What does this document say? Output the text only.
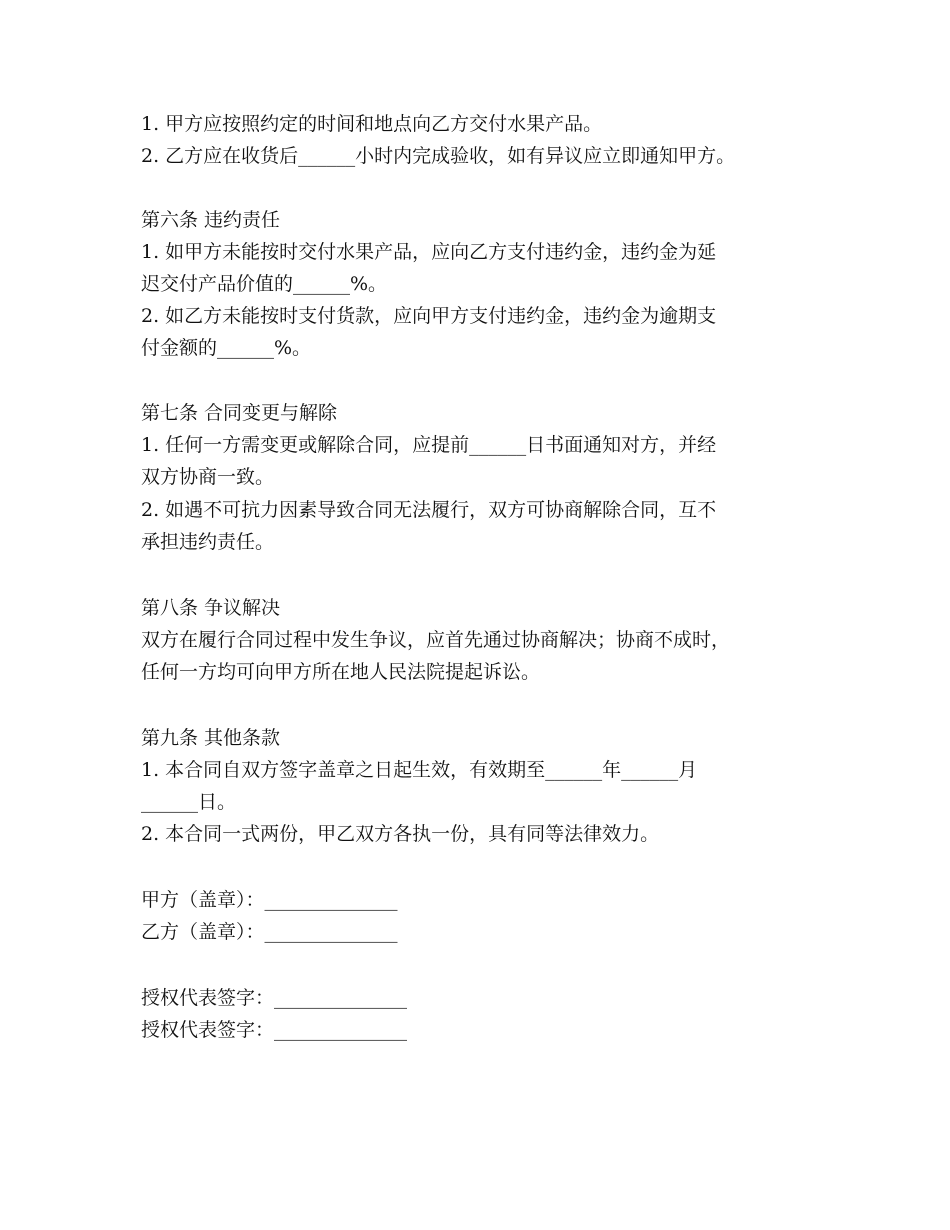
1. 甲方应按照约定的时间和地点向乙方交付水果产品。
2. 乙方应在收货后______小时内完成验收，如有异议应立即通知甲方。
第六条 违约责任
1. 如甲方未能按时交付水果产品，应向乙方支付违约金，违约金为延
迟交付产品价值的______%。
2. 如乙方未能按时支付货款，应向甲方支付违约金，违约金为逾期支
付金额的______%。
第七条 合同变更与解除
1. 任何一方需变更或解除合同，应提前______日书面通知对方，并经
双方协商一致。
2. 如遇不可抗力因素导致合同无法履行，双方可协商解除合同，互不
承担违约责任。
第八条 争议解决
双方在履行合同过程中发生争议，应首先通过协商解决；协商不成时，
任何一方均可向甲方所在地人民法院提起诉讼。
第九条 其他条款
1. 本合同自双方签字盖章之日起生效，有效期至______年______月
______日。
2. 本合同一式两份，甲乙双方各执一份，具有同等法律效力。
甲方（盖章）：______________
乙方（盖章）：______________
授权代表签字：______________
授权代表签字：______________
